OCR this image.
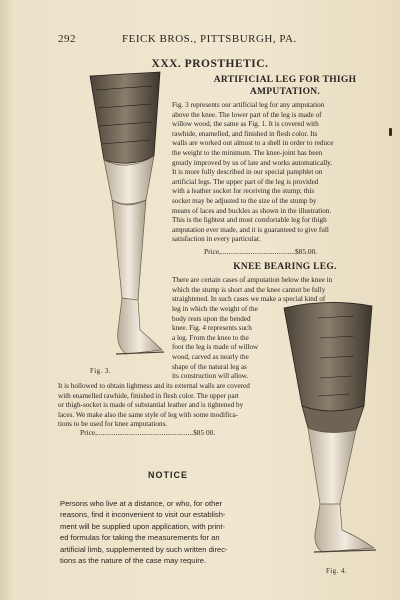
292	FEICK BROS., PITTSBURGH, PA.
XXX. PROSTHETIC.
ARTIFICIAL LEG FOR THIGH
AMPUTATION.
Fig. 3 represents our artificial leg for any amputation
above the knee. The lower part of the leg is made of
willow wood, the same as Fig. 1. It is covered with
rawhide, enamelled, and finished in flesh color. Its
walls are worked out almost to a shell in order to reduce
the weight to the minimum. The knee-joint has been
greatly improved by us of late and works automatically.
It is more fully described in our special pamphlet on
artificial legs. The upper part of the leg is provided
with a leather socket for receiving the stump; this
socket may be adjusted to the size of the stump by
means of laces and buckles as shown in the illustration.
This is the lightest and most comfortable leg for thigh
amputation ever made, and it is guaranteed to give full
satisfaction in every particular.
Price,........................................$85.00.
KNEE BEARING LEG.
There are certain cases of amputation below the knee in
which the stump is short and the knee cannot be fully
straightened. In such cases we make a special kind of
leg in which the weight of the
body rests upon the bended
knee. Fig. 4 represents such
a leg. From the knee to the
foot the leg is made of willow
wood, carved as nearly the
shape of the natural leg as
its construction will allow.
It is hollowed to obtain lightness and its external walls are covered
with enamelled rawhide, finished in flesh color. The upper part
or thigh-socket is made of substantial leather and is tightened by
laces. We make also the same style of leg with some modifica-
tions to be used for knee amputations.
Price,....................................................$85 00.
Fig. 3.
Fig. 4.
NOTICE
Persons who live at a distance, or who, for other
reasons, find it inconvenient to visit our establish-
ment will be supplied upon application, with print-
ed formulas for taking the measurements for an
artificial limb, supplemented by such written direc-
tions as the nature of the case may require.
